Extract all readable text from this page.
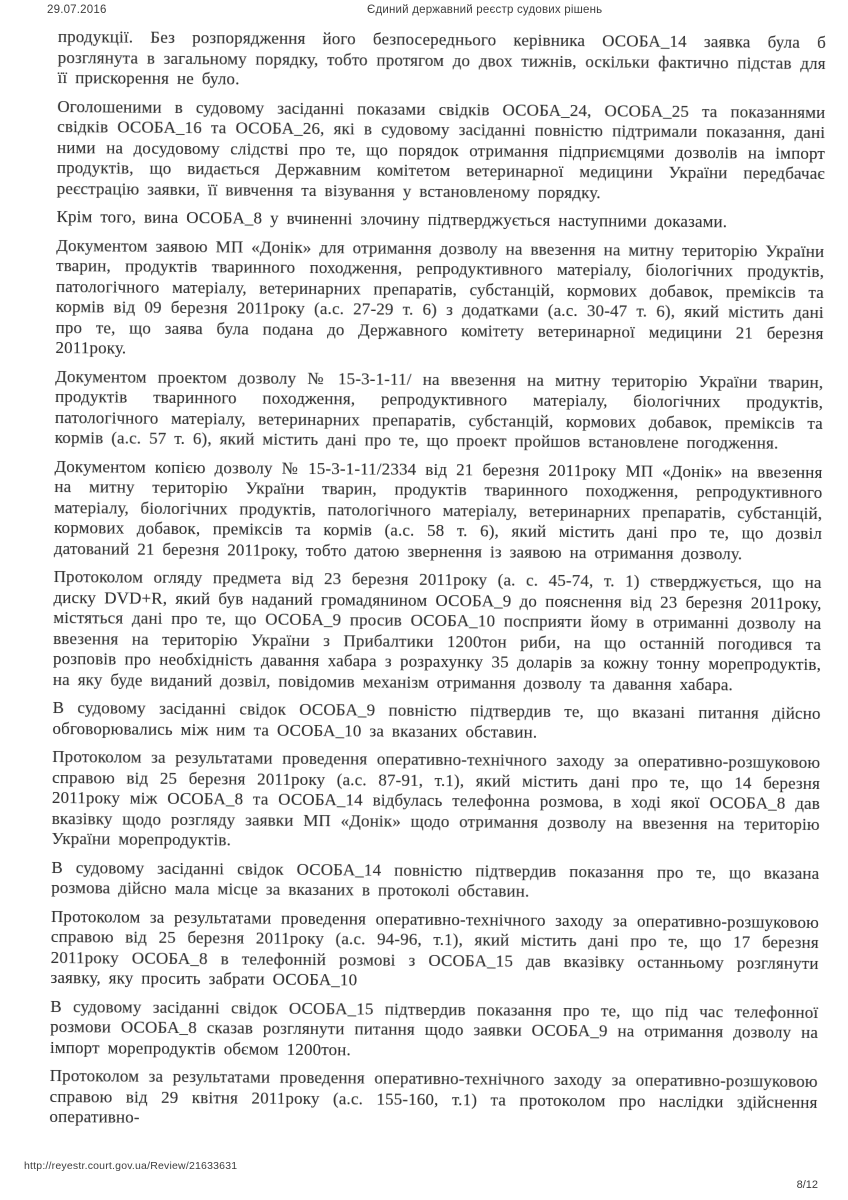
29.07.2016	Єдиний державний реєстр судових рішень

продукції. Без розпорядження його безпосереднього керівника ОСОБА_14 заявка була б розглянута в загальному порядку, тобто протягом до двох тижнів, оскільки фактично підстав для її прискорення не було.

Оголошеними в судовому засіданні показами свідків ОСОБА_24, ОСОБА_25 та показаннями свідків ОСОБА_16 та ОСОБА_26, які в судовому засіданні повністю підтримали показання, дані ними на досудовому слідстві про те, що порядок отримання підприємцями дозволів на імпорт продуктів, що видається Державним комітетом ветеринарної медицини України передбачає реєстрацію заявки, її вивчення та візування у встановленому порядку.

Крім того, вина ОСОБА_8 у вчиненні злочину підтверджується наступними доказами.

Документом заявою МП «Донік» для отримання дозволу на ввезення на митну територію України тварин, продуктів тваринного походження, репродуктивного матеріалу, біологічних продуктів, патологічного матеріалу, ветеринарних препаратів, субстанцій, кормових добавок, преміксів та кормів від 09 березня 2011року (а.с. 27-29 т. 6) з додатками (а.с. 30-47 т. 6), який містить дані про те, що заява була подана до Державного комітету ветеринарної медицини 21 березня 2011року.

Документом проектом дозволу № 15-3-1-11/ на ввезення на митну територію України тварин, продуктів тваринного походження, репродуктивного матеріалу, біологічних продуктів, патологічного матеріалу, ветеринарних препаратів, субстанцій, кормових добавок, преміксів та кормів (а.с. 57 т. 6), який містить дані про те, що проект пройшов встановлене погодження.

Документом копією дозволу № 15-3-1-11/2334 від 21 березня 2011року МП «Донік» на ввезення на митну територію України тварин, продуктів тваринного походження, репродуктивного матеріалу, біологічних продуктів, патологічного матеріалу, ветеринарних препаратів, субстанцій, кормових добавок, преміксів та кормів (а.с. 58 т. 6), який містить дані про те, що дозвіл датований 21 березня 2011року, тобто датою звернення із заявою на отримання дозволу.

Протоколом огляду предмета від 23 березня 2011року (а. с. 45-74, т. 1) стверджується, що на диску DVD+R, який був наданий громадянином ОСОБА_9 до пояснення від 23 березня 2011року, містяться дані про те, що ОСОБА_9 просив ОСОБА_10 посприяти йому в отриманні дозволу на ввезення на територію України з Прибалтики 1200тон риби, на що останній погодився та розповів про необхідність давання хабара з розрахунку 35 доларів за кожну тонну морепродуктів, на яку буде виданий дозвіл, повідомив механізм отримання дозволу та давання хабара.

В судовому засіданні свідок ОСОБА_9 повністю підтвердив те, що вказані питання дійсно обговорювались між ним та ОСОБА_10 за вказаних обставин.

Протоколом за результатами проведення оперативно-технічного заходу за оперативно-розшуковою справою від 25 березня 2011року (а.с. 87-91, т.1), який містить дані про те, що 14 березня 2011року між ОСОБА_8 та ОСОБА_14 відбулась телефонна розмова, в ході якої ОСОБА_8 дав вказівку щодо розгляду заявки МП «Донік» щодо отримання дозволу на ввезення на територію України морепродуктів.

В судовому засіданні свідок ОСОБА_14 повністю підтвердив показання про те, що вказана розмова дійсно мала місце за вказаних в протоколі обставин.

Протоколом за результатами проведення оперативно-технічного заходу за оперативно-розшуковою справою від 25 березня 2011року (а.с. 94-96, т.1), який містить дані про те, що 17 березня 2011року ОСОБА_8 в телефонній розмові з ОСОБА_15 дав вказівку останньому розглянути заявку, яку просить забрати ОСОБА_10

В судовому засіданні свідок ОСОБА_15 підтвердив показання про те, що під час телефонної розмови ОСОБА_8 сказав розглянути питання щодо заявки ОСОБА_9 на отримання дозволу на імпорт морепродуктів обємом 1200тон.

Протоколом за результатами проведення оперативно-технічного заходу за оперативно-розшуковою справою від 29 квітня 2011року (а.с. 155-160, т.1) та протоколом про наслідки здійснення оперативно-

http://reyestr.court.gov.ua/Review/21633631
8/12
